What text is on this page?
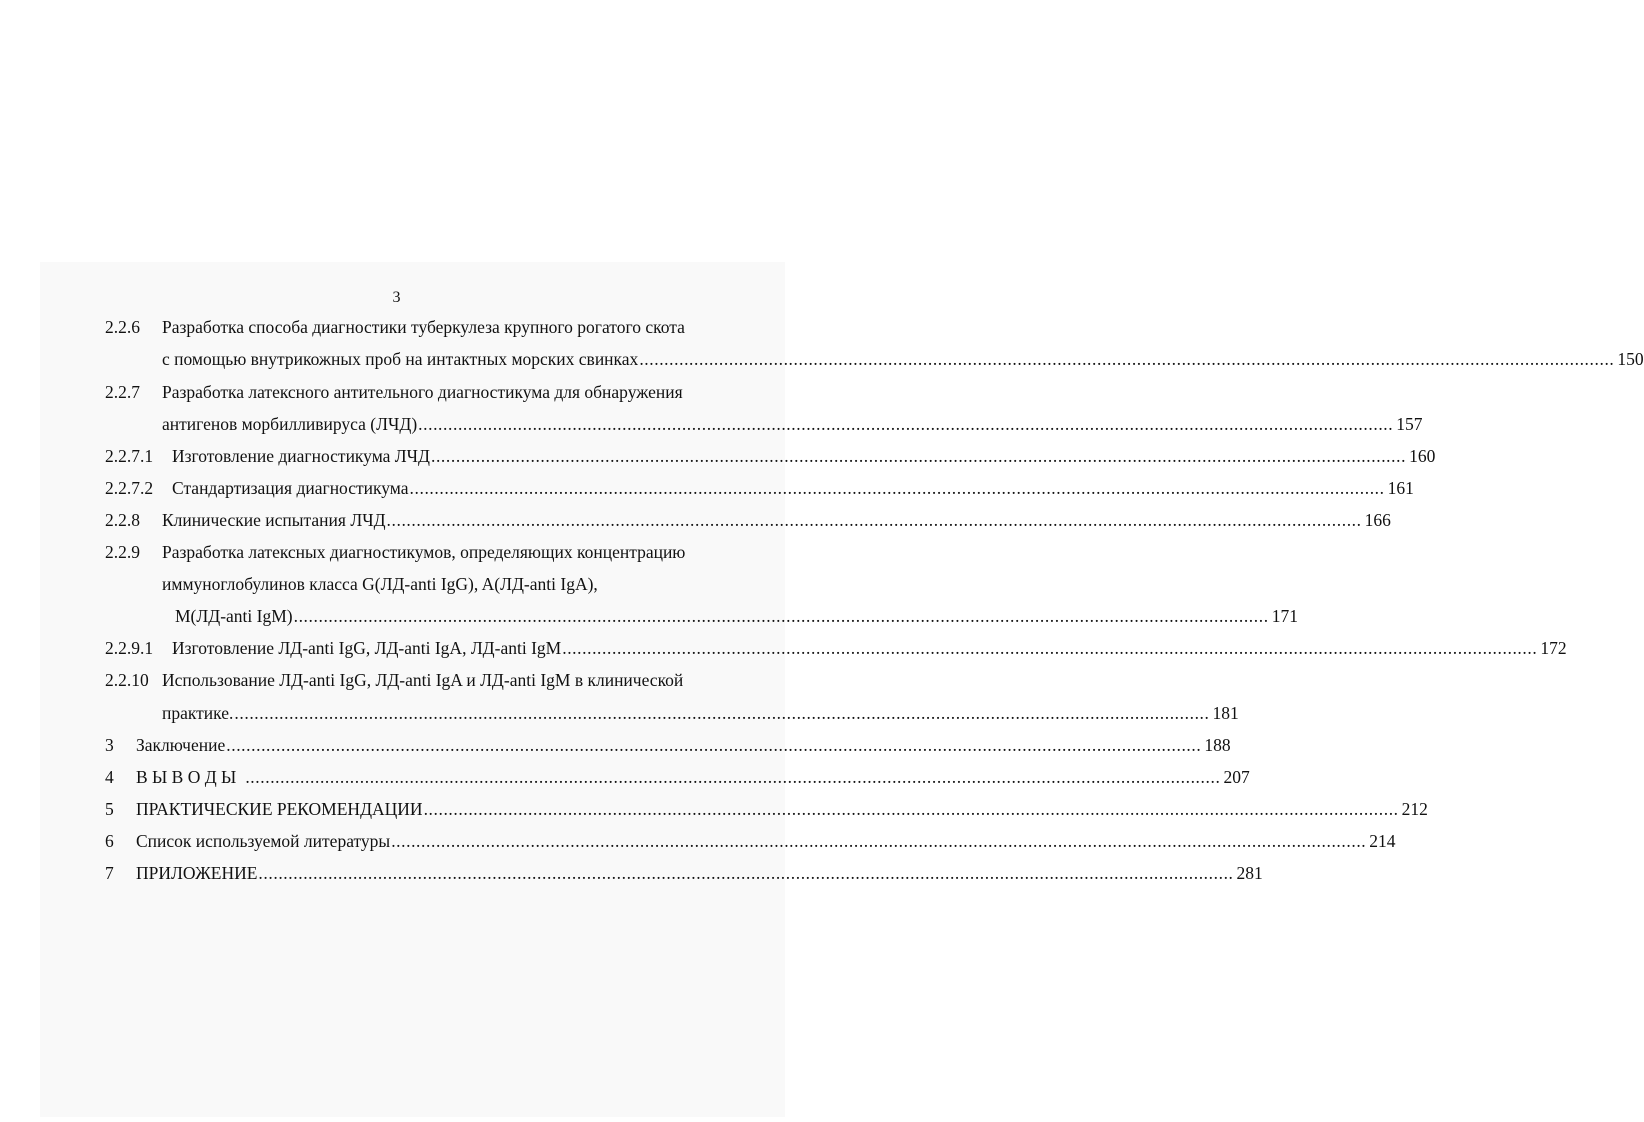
3
2.2.6 Разработка способа диагностики туберкулеза крупного рогатого скота
с помощью внутрикожных проб на интактных морских свинках .................................................................................................................................................................................................... 150
2.2.7 Разработка латексного антительного диагностикума для обнаружения
антигенов морбилливируса (ЛЧД) .................................................................................................................................................................................................... 157
2.2.7.1 Изготовление диагностикума ЛЧД .................................................................................................................................................................................................... 160
2.2.7.2 Стандартизация диагностикума .................................................................................................................................................................................................... 161
2.2.8 Клинические испытания ЛЧД .................................................................................................................................................................................................... 166
2.2.9 Разработка латексных диагностикумов, определяющих концентрацию
иммуноглобулинов класса G(ЛД-anti IgG), A(ЛД-anti IgA),
M(ЛД-anti IgM) .................................................................................................................................................................................................... 171
2.2.9.1 Изготовление ЛД-anti IgG, ЛД-anti IgA, ЛД-anti IgM .................................................................................................................................................................................................... 172
2.2.10 Использование ЛД-anti IgG, ЛД-anti IgA и ЛД-anti IgM в клинической
практике. .................................................................................................................................................................................................... 181
3 Заключение .................................................................................................................................................................................................... 188
4 В Ы В О Д Ы .................................................................................................................................................................................................... 207
5 ПРАКТИЧЕСКИЕ РЕКОМЕНДАЦИИ .................................................................................................................................................................................................... 212
6 Список используемой литературы .................................................................................................................................................................................................... 214
7 ПРИЛОЖЕНИЕ .................................................................................................................................................................................................... 281
